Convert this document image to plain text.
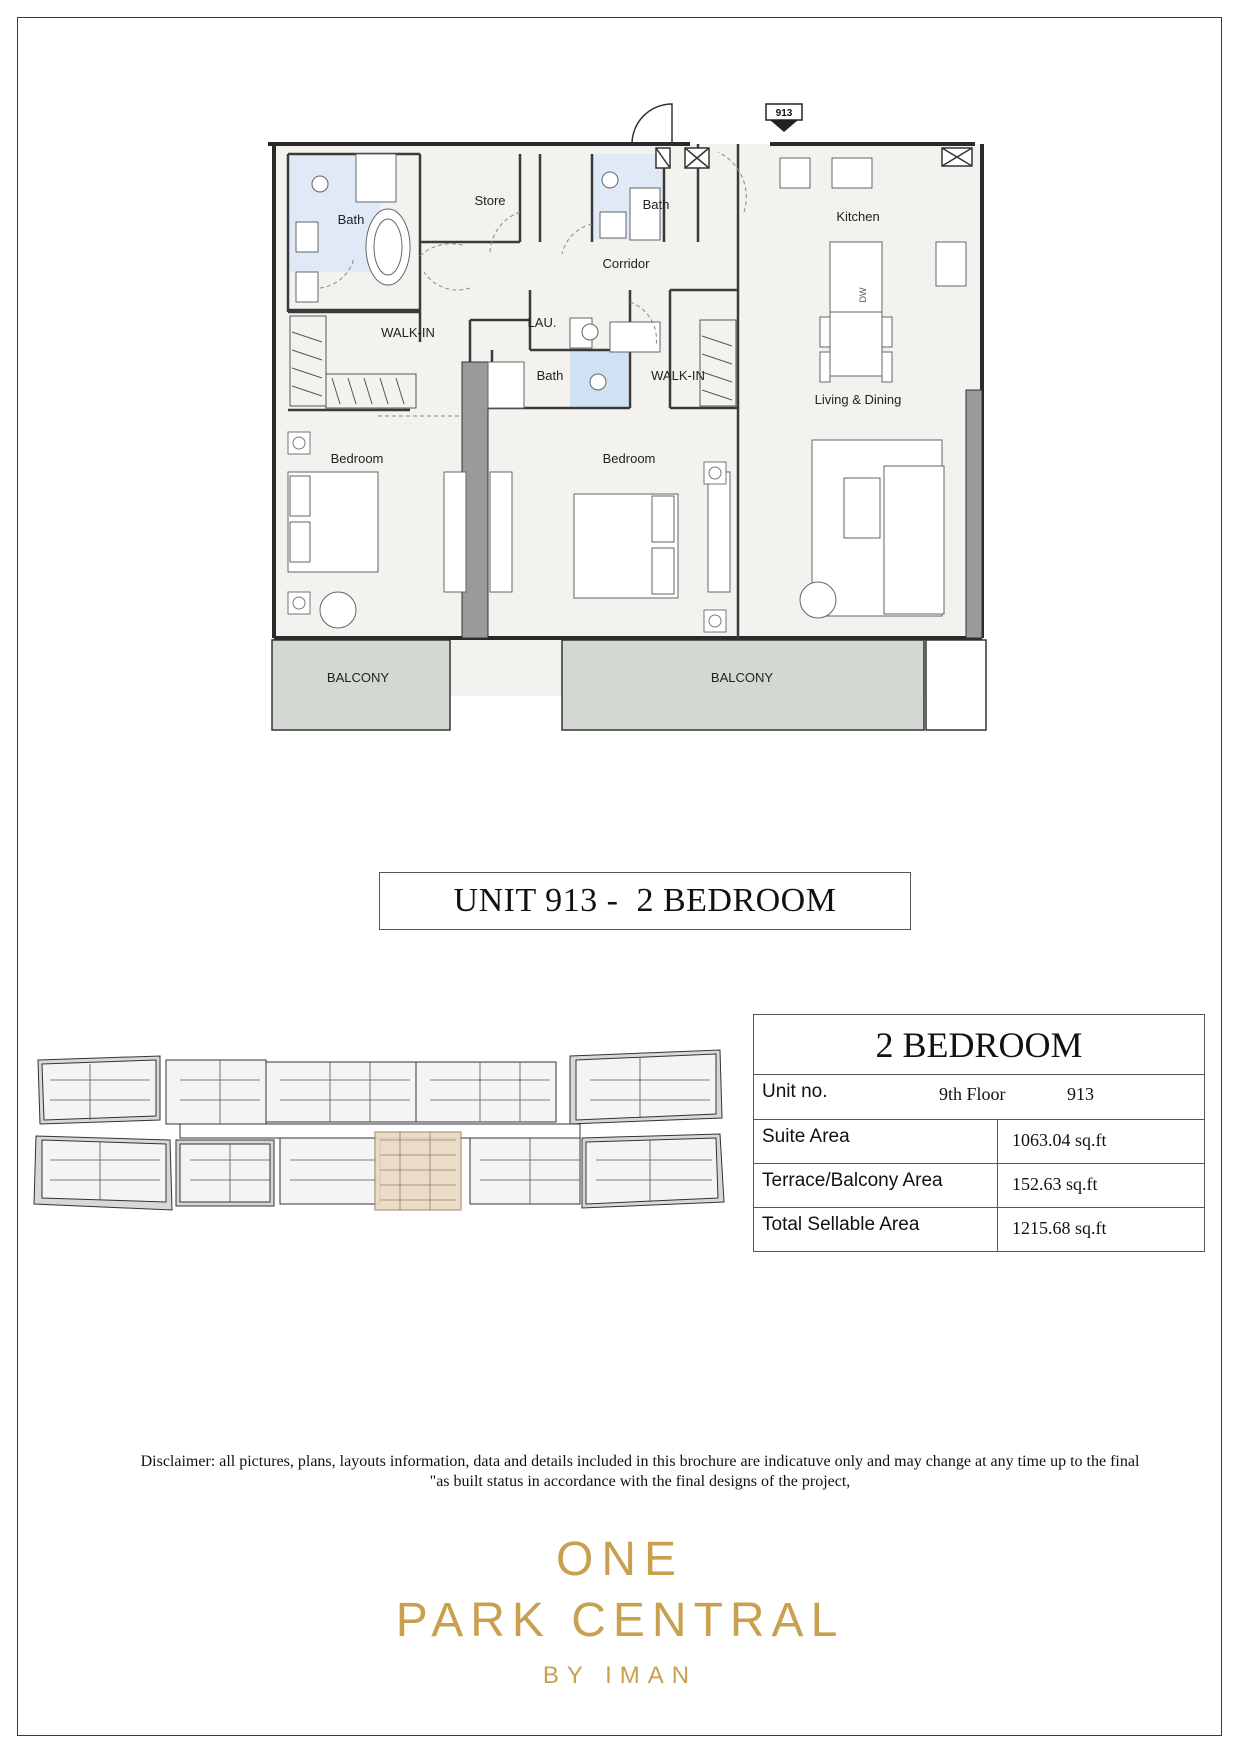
913
Bath
Store	Bath
Kitchen
Corridor
WALK-IN
LAU.
Bath	WALK-IN
Living & Dining
Bedroom	Bedroom
BALCONY	BALCONY
DW
UNIT 913 -  2 BEDROOM
2 BEDROOM	

Unit no. 9th Floor 913	

Suite Area	1063.04 sq.ft
Terrace/Balcony Area	152.63 sq.ft
Total Sellable Area	1215.68 sq.ft
Disclaimer: all pictures, plans, layouts information, data and details included in this brochure are indicatuve only and may change at any time up to the final
"as built status in accordance with the final designs of the project,
ONE
PARK CENTRAL
BY IMAN
